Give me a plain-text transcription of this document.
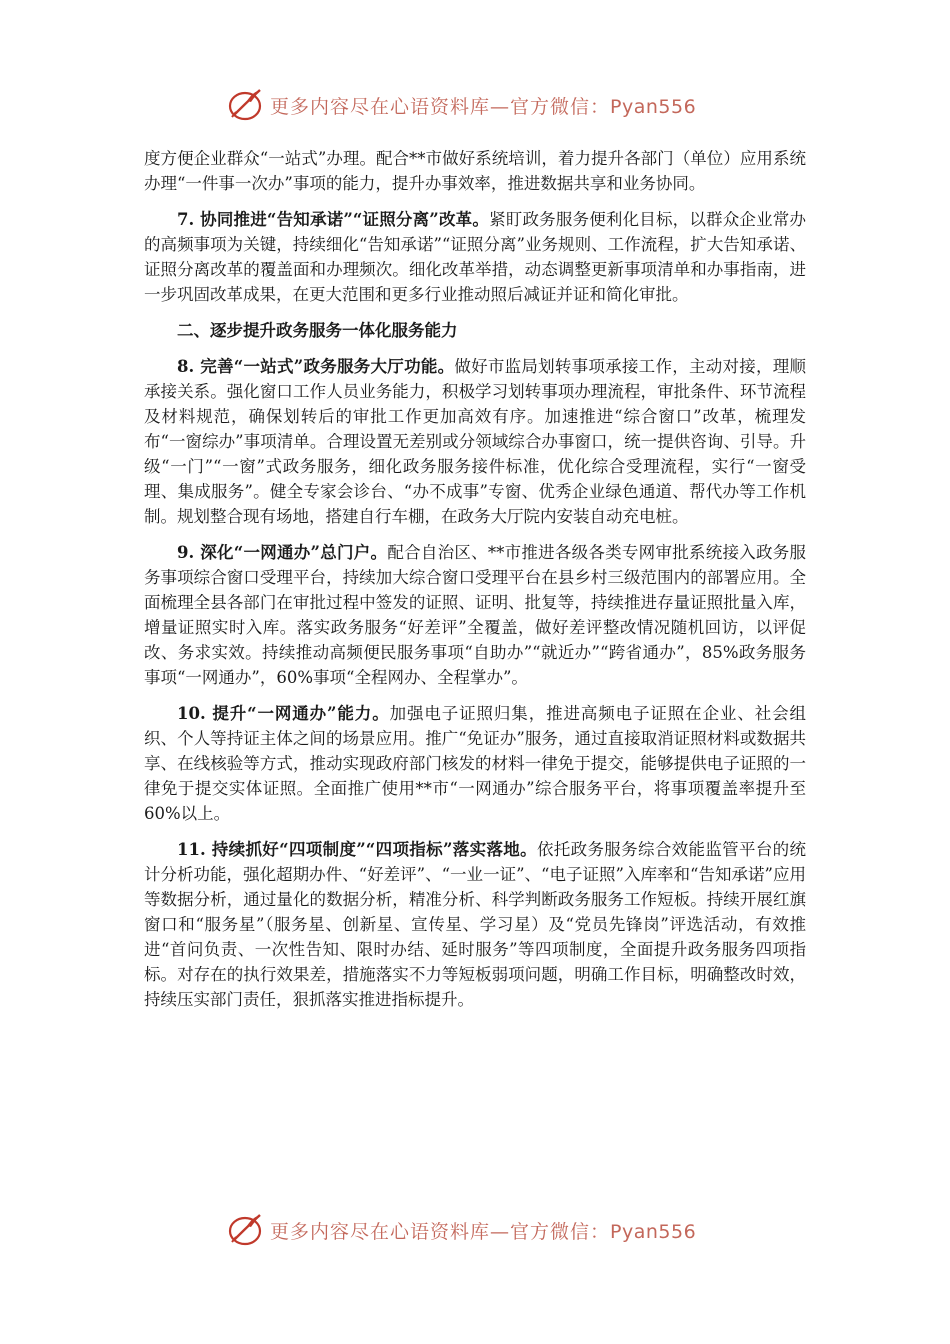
更多内容尽在心语资料库—官方微信：Pyan556

度方便企业群众“一站式”办理。配合**市做好系统培训，着力提升各部门（单位）应用系统办理“一件事一次办”事项的能力，提升办事效率，推进数据共享和业务协同。

7. 协同推进“告知承诺”“证照分离”改革。紧盯政务服务便利化目标，以群众企业常办的高频事项为关键，持续细化“告知承诺”“证照分离”业务规则、工作流程，扩大告知承诺、证照分离改革的覆盖面和办理频次。细化改革举措，动态调整更新事项清单和办事指南，进一步巩固改革成果，在更大范围和更多行业推动照后减证并证和简化审批。

二、逐步提升政务服务一体化服务能力

8. 完善“一站式”政务服务大厅功能。做好市监局划转事项承接工作，主动对接，理顺承接关系。强化窗口工作人员业务能力，积极学习划转事项办理流程，审批条件、环节流程及材料规范，确保划转后的审批工作更加高效有序。加速推进“综合窗口”改革，梳理发布“一窗综办”事项清单。合理设置无差别或分领域综合办事窗口，统一提供咨询、引导。升级“一门”“一窗”式政务服务，细化政务服务接件标准，优化综合受理流程，实行“一窗受理、集成服务”。健全专家会诊台、“办不成事”专窗、优秀企业绿色通道、帮代办等工作机制。规划整合现有场地，搭建自行车棚，在政务大厅院内安装自动充电桩。

9. 深化“一网通办”总门户。配合自治区、**市推进各级各类专网审批系统接入政务服务事项综合窗口受理平台，持续加大综合窗口受理平台在县乡村三级范围内的部署应用。全面梳理全县各部门在审批过程中签发的证照、证明、批复等，持续推进存量证照批量入库，增量证照实时入库。落实政务服务“好差评”全覆盖，做好差评整改情况随机回访，以评促改、务求实效。持续推动高频便民服务事项“自助办”“就近办”“跨省通办”，85%政务服务事项“一网通办”，60%事项“全程网办、全程掌办”。

10. 提升“一网通办”能力。加强电子证照归集，推进高频电子证照在企业、社会组织、个人等持证主体之间的场景应用。推广“免证办”服务，通过直接取消证照材料或数据共享、在线核验等方式，推动实现政府部门核发的材料一律免于提交，能够提供电子证照的一律免于提交实体证照。全面推广使用**市“一网通办”综合服务平台，将事项覆盖率提升至60%以上。

11. 持续抓好“四项制度”“四项指标”落实落地。依托政务服务综合效能监管平台的统计分析功能，强化超期办件、“好差评”、“一业一证”、“电子证照”入库率和“告知承诺”应用等数据分析，通过量化的数据分析，精准分析、科学判断政务服务工作短板。持续开展红旗窗口和“服务星”（服务星、创新星、宣传星、学习星）及“党员先锋岗”评选活动，有效推进“首问负责、一次性告知、限时办结、延时服务”等四项制度，全面提升政务服务四项指标。对存在的执行效果差，措施落实不力等短板弱项问题，明确工作目标，明确整改时效，持续压实部门责任，狠抓落实推进指标提升。

更多内容尽在心语资料库—官方微信：Pyan556
